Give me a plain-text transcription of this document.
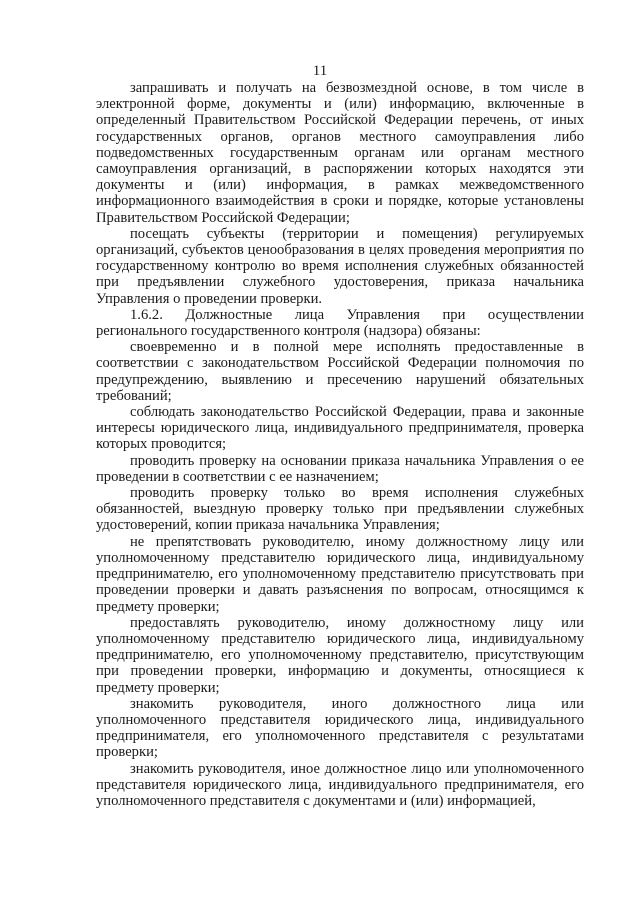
11

запрашивать и получать на безвозмездной основе, в том числе в электронной форме, документы и (или) информацию, включенные в определенный Правительством Российской Федерации перечень, от иных государственных органов, органов местного самоуправления либо подведомственных государственным органам или органам местного самоуправления организаций, в распоряжении которых находятся эти документы и (или) информация, в рамках межведомственного информационного взаимодействия в сроки и порядке, которые установлены Правительством Российской Федерации;

посещать субъекты (территории и помещения) регулируемых организаций, субъектов ценообразования в целях проведения мероприятия по государственному контролю во время исполнения служебных обязанностей при предъявлении служебного удостоверения, приказа начальника Управления о проведении проверки.

1.6.2. Должностные лица Управления при осуществлении регионального государственного контроля (надзора) обязаны:

своевременно и в полной мере исполнять предоставленные в соответствии с законодательством Российской Федерации полномочия по предупреждению, выявлению и пресечению нарушений обязательных требований;

соблюдать законодательство Российской Федерации, права и законные интересы юридического лица, индивидуального предпринимателя, проверка которых проводится;

проводить проверку на основании приказа начальника Управления о ее проведении в соответствии с ее назначением;

проводить проверку только во время исполнения служебных обязанностей, выездную проверку только при предъявлении служебных удостоверений, копии приказа начальника Управления;

не препятствовать руководителю, иному должностному лицу или уполномоченному представителю юридического лица, индивидуальному предпринимателю, его уполномоченному представителю присутствовать при проведении проверки и давать разъяснения по вопросам, относящимся к предмету проверки;

предоставлять руководителю, иному должностному лицу или уполномоченному представителю юридического лица, индивидуальному предпринимателю, его уполномоченному представителю, присутствующим при проведении проверки, информацию и документы, относящиеся к предмету проверки;

знакомить руководителя, иного должностного лица или уполномоченного представителя юридического лица, индивидуального предпринимателя, его уполномоченного представителя с результатами проверки;

знакомить руководителя, иное должностное лицо или уполномоченного представителя юридического лица, индивидуального предпринимателя, его уполномоченного представителя с документами и (или) информацией,
